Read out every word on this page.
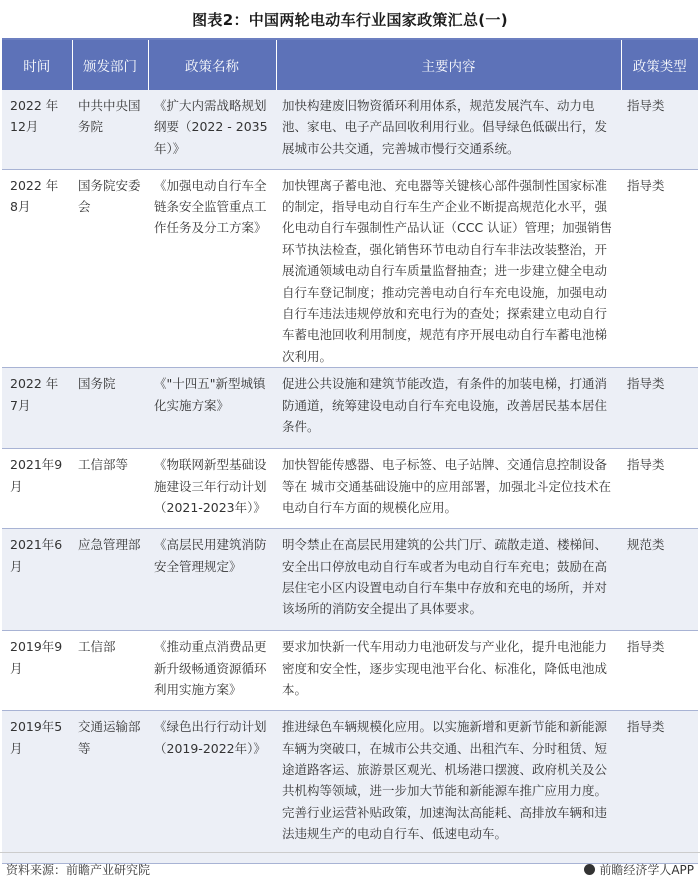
图表2：中国两轮电动车行业国家政策汇总(一)
时间	颁发部门	政策名称	主要内容	政策类型
2022 年 12月	中共中央国务院	《扩大内需战略规划纲要（2022 - 2035年）》	加快构建废旧物资循环利用体系，规范发展汽车、动力电池、家电、电子产品回收利用行业。倡导绿色低碳出行，发展城市公共交通，完善城市慢行交通系统。	指导类
2022 年 8月	国务院安委会	《加强电动自行车全链条安全监管重点工作任务及分工方案》	加快锂离子蓄电池、充电器等关键核心部件强制性国家标准的制定，指导电动自行车生产企业不断提高规范化水平，强化电动自行车强制性产品认证（CCC 认证）管理；加强销售环节执法检查，强化销售环节电动自行车非法改装整治，开展流通领域电动自行车质量监督抽查；进一步建立健全电动自行车登记制度；推动完善电动自行车充电设施，加强电动自行车违法违规停放和充电行为的查处；探索建立电动自行车蓄电池回收利用制度，规范有序开展电动自行车蓄电池梯次利用。	指导类
2022 年 7月	国务院	《"十四五"新型城镇化实施方案》	促进公共设施和建筑节能改造，有条件的加装电梯，打通消防通道，统筹建设电动自行车充电设施，改善居民基本居住条件。	指导类
2021年9月	工信部等	《物联网新型基础设施建设三年行动计划（2021-2023年）》	加快智能传感器、电子标签、电子站牌、交通信息控制设备等在 城市交通基础设施中的应用部署，加强北斗定位技术在电动自行车方面的规模化应用。	指导类
2021年6月	应急管理部	《高层民用建筑消防安全管理规定》	明令禁止在高层民用建筑的公共门厅、疏散走道、楼梯间、安全出口停放电动自行车或者为电动自行车充电；鼓励在高层住宅小区内设置电动自行车集中存放和充电的场所，并对该场所的消防安全提出了具体要求。	规范类
2019年9月	工信部	《推动重点消费品更新升级畅通资源循环利用实施方案》	要求加快新一代车用动力电池研发与产业化，提升电池能力密度和安全性，逐步实现电池平台化、标准化，降低电池成本。	指导类
2019年5月	交通运输部等	《绿色出行行动计划（2019-2022年）》	推进绿色车辆规模化应用。以实施新增和更新节能和新能源车辆为突破口，在城市公共交通、出租汽车、分时租赁、短途道路客运、旅游景区观光、机场港口摆渡、政府机关及公共机构等领域，进一步加大节能和新能源车推广应用力度。完善行业运营补贴政策，加速淘汰高能耗、高排放车辆和违法违规生产的电动自行车、低速电动车。	指导类
资料来源：前瞻产业研究院	前瞻经济学人APP
